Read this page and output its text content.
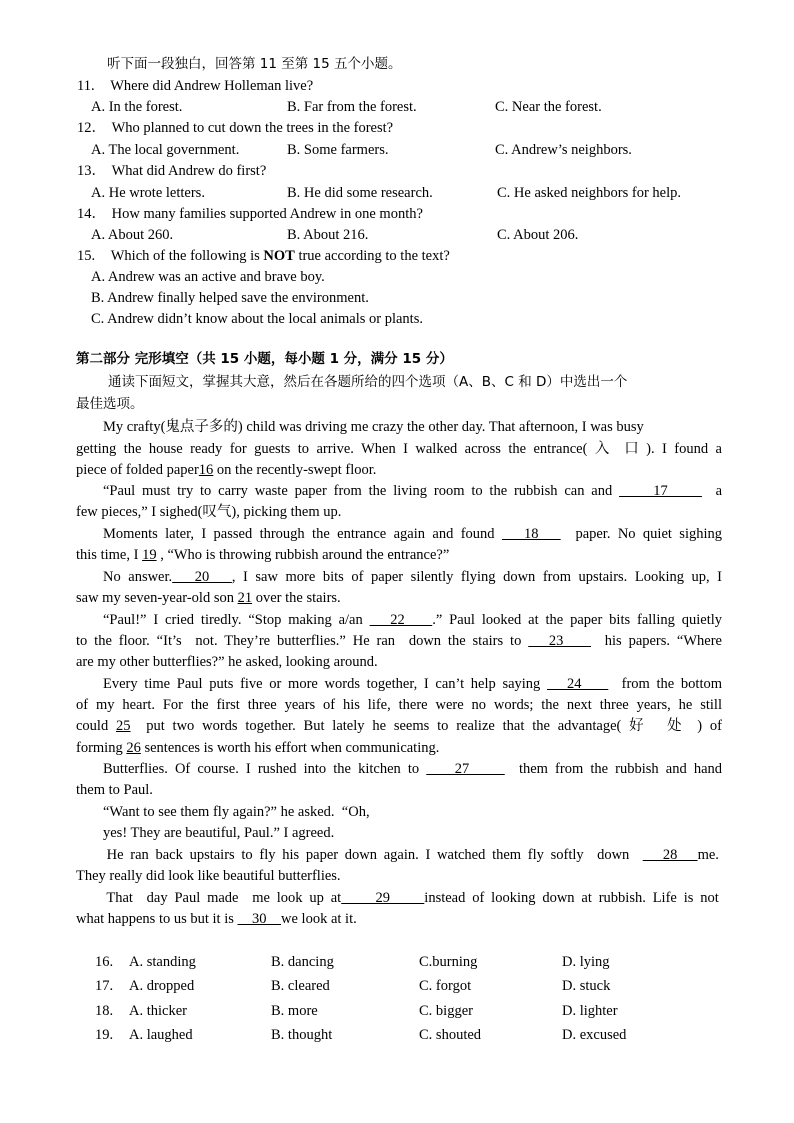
听下面一段独白，回答第 11 至第 15 五个小题。
11. Where did Andrew Holleman live?
A. In the forest.	B. Far from the forest.	C. Near the forest.
12． Who planned to cut down the trees in the forest?
A. The local government.	B. Some farmers.	C. Andrew’s neighbors.
13． What did Andrew do first?
A. He wrote letters.	B. He did some research.	C. He asked neighbors for help.
14． How many families supported Andrew in one month?
A. About 260.	B. About 216.	C. About 206.
15. Which of the following is NOT true according to the text?
A. Andrew was an active and brave boy.
B. Andrew finally helped save the environment.
C. Andrew didn’t know about the local animals or plants.
第二部分 完形填空（共 15 小题，每小题 1 分，满分 15 分）
通读下面短文，掌握其大意，然后在各题所给的四个选项（A、B、C 和 D）中选出一个
最佳选项。
My crafty(鬼点子多的) child was driving me crazy the other day. That afternoon, I was busy
getting the house ready for guests to arrive. When I walked across the entrance( 入  口 ). I found a
piece of folded paper16 on the recently-swept floor.
“Paul must try to carry waste paper from the living room to the rubbish can and      17       a
few pieces,” I sighed(叹气), picking them up.
Moments later, I passed through the entrance again and found    18     paper. No quiet sighing
this time, I 19 , “Who is throwing rubbish around the entrance?”
No answer.   20   , I saw more bits of paper silently flying down from upstairs. Looking up, I
saw my seven-year-old son 21 over the stairs.
“Paul!” I cried tiredly. “Stop making a/an    22    .” Paul looked at the paper bits falling quietly
to the floor. “It’s  not. They’re butterflies.” He ran  down the stairs to    23      his papers. “Where
are my other butterflies?” he asked, looking around.
Every time Paul puts five or more words together, I can’t help saying    24      from the bottom
of my heart. For the first three years of his life, there were no words; the next three years, he still
could 25  put two words together. But lately he seems to realize that the advantage( 好   处  ) of
forming 26 sentences is worth his effort when communicating.
Butterflies. Of course. I rushed into the kitchen to     27       them from the rubbish and hand
them to Paul.
“Want to see them fly again?” he asked.  “Oh,
yes! They are beautiful, Paul.” I agreed.
He ran back upstairs to fly his paper down again. I watched them fly softly  down     28   me.
They really did look like beautiful butterflies.
That  day Paul made  me look up at     29     instead of looking down at rubbish. Life is not
what happens to us but it is     30    we look at it.
16. A. standing	B. dancing	C.burning	D. lying
17. A. dropped	B. cleared	C. forgot	D. stuck
18. A. thicker	B. more	C. bigger	D. lighter
19. A. laughed	B. thought	C. shouted	D. excused
